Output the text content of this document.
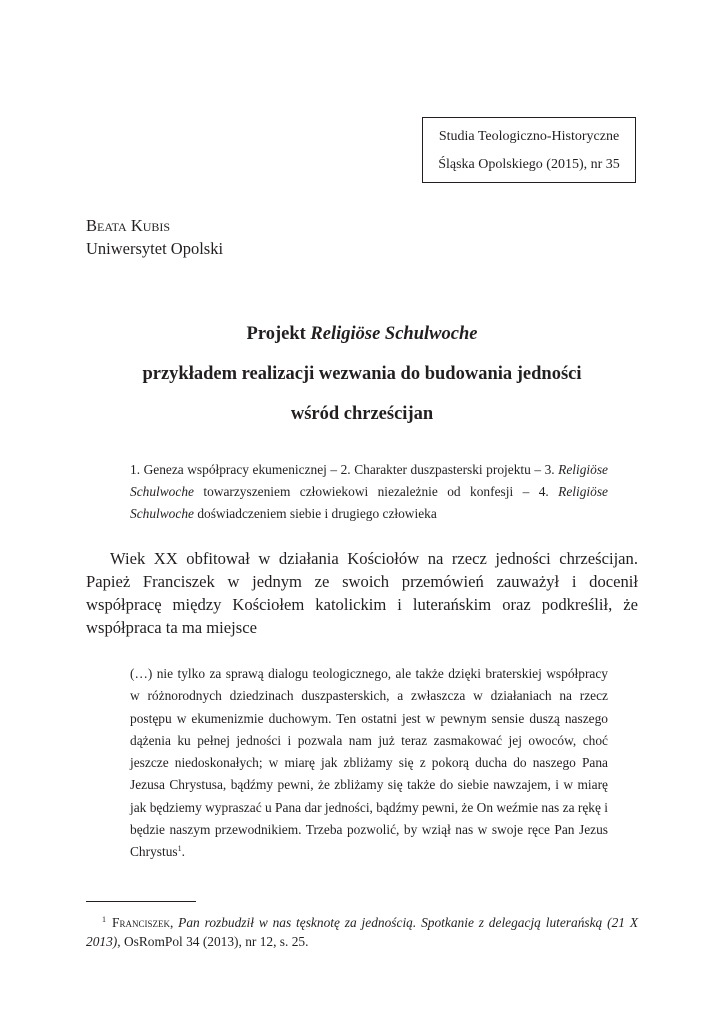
Studia Teologiczno-Historyczne
Śląska Opolskiego (2015), nr 35
Beata Kubis
Uniwersytet Opolski
Projekt Religiöse Schulwoche
przykładem realizacji wezwania do budowania jedności
wśród chrześcijan
1. Geneza współpracy ekumenicznej – 2. Charakter duszpasterski projektu – 3. Religiöse Schulwoche towarzyszeniem człowiekowi niezależnie od konfesji – 4. Religiöse Schulwoche doświadczeniem siebie i drugiego człowieka

Wiek XX obfitował w działania Kościołów na rzecz jedności chrześcijan. Papież Franciszek w jednym ze swoich przemówień zauważył i docenił współpracę między Kościołem katolickim i luterańskim oraz podkreślił, że współpraca ta ma miejsce

(…) nie tylko za sprawą dialogu teologicznego, ale także dzięki braterskiej współpracy w różnorodnych dziedzinach duszpasterskich, a zwłaszcza w działaniach na rzecz postępu w ekumenizmie duchowym. Ten ostatni jest w pewnym sensie duszą naszego dążenia ku pełnej jedności i pozwala nam już teraz zasmakować jej owoców, choć jeszcze niedoskonałych; w miarę jak zbliżamy się z pokorą ducha do naszego Pana Jezusa Chrystusa, bądźmy pewni, że zbliżamy się także do siebie nawzajem, i w miarę jak będziemy wypraszać u Pana dar jedności, bądźmy pewni, że On weźmie nas za rękę i będzie naszym przewodnikiem. Trzeba pozwolić, by wziął nas w swoje ręce Pan Jezus Chrystus$^1$.
$^1$ Franciszek, Pan rozbudził w nas tęsknotę za jednością. Spotkanie z delegacją luterańską (21 X 2013), OsRomPol 34 (2013), nr 12, s. 25.
